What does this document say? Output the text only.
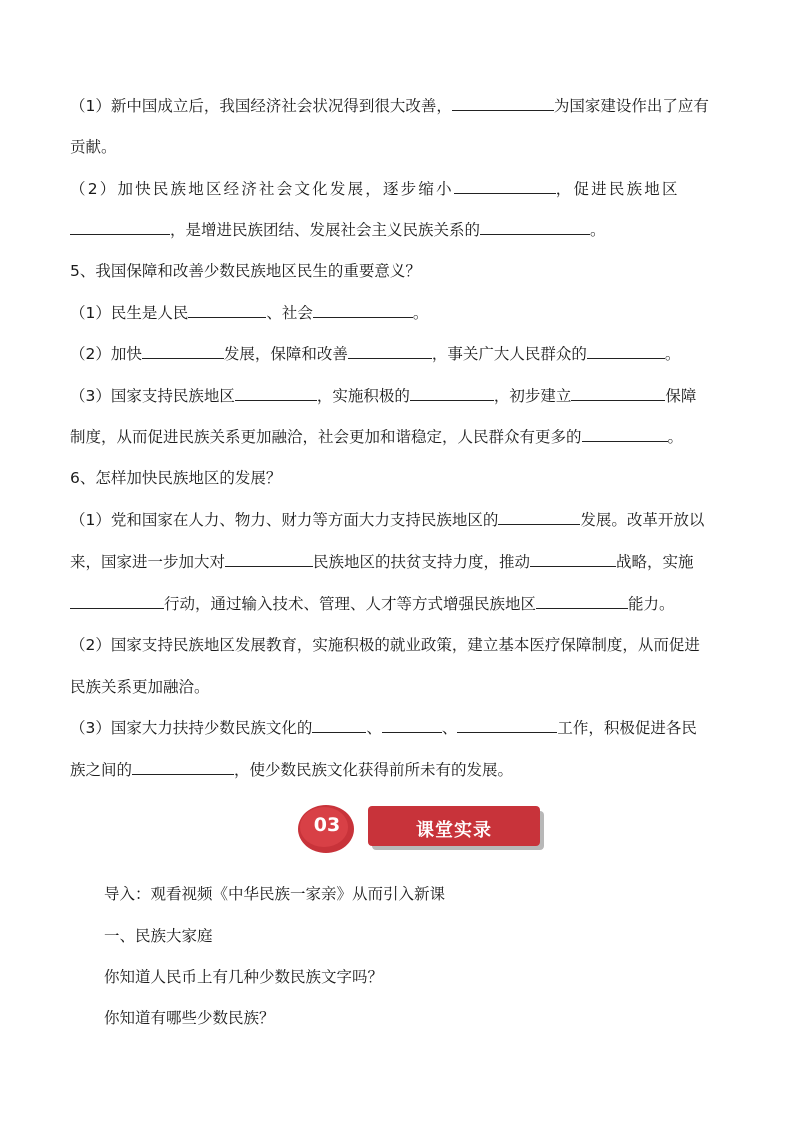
（1）新中国成立后，我国经济社会状况得到很大改善，	为国家建设作出了应有
贡献。
（2）加快民族地区经济社会文化发展，逐步缩小	，促进民族地区
，是增进民族团结、发展社会主义民族关系的	。
5、我国保障和改善少数民族地区民生的重要意义？
（1）民生是人民	、社会	。
（2）加快	发展，保障和改善	，事关广大人民群众的	。
（3）国家支持民族地区	，实施积极的	，初步建立	保障
制度，从而促进民族关系更加融洽，社会更加和谐稳定，人民群众有更多的	。
6、怎样加快民族地区的发展？
（1）党和国家在人力、物力、财力等方面大力支持民族地区的	发展。改革开放以
来，国家进一步加大对	民族地区的扶贫支持力度，推动	战略，实施
行动，通过输入技术、管理、人才等方式增强民族地区	能力。
（2）国家支持民族地区发展教育，实施积极的就业政策，建立基本医疗保障制度，从而促进
民族关系更加融洽。
（3）国家大力扶持少数民族文化的	、	、	工作，积极促进各民
族之间的	，使少数民族文化获得前所未有的发展。
03	课堂实录
导入：观看视频《中华民族一家亲》从而引入新课
一、民族大家庭
你知道人民币上有几种少数民族文字吗？
你知道有哪些少数民族？
